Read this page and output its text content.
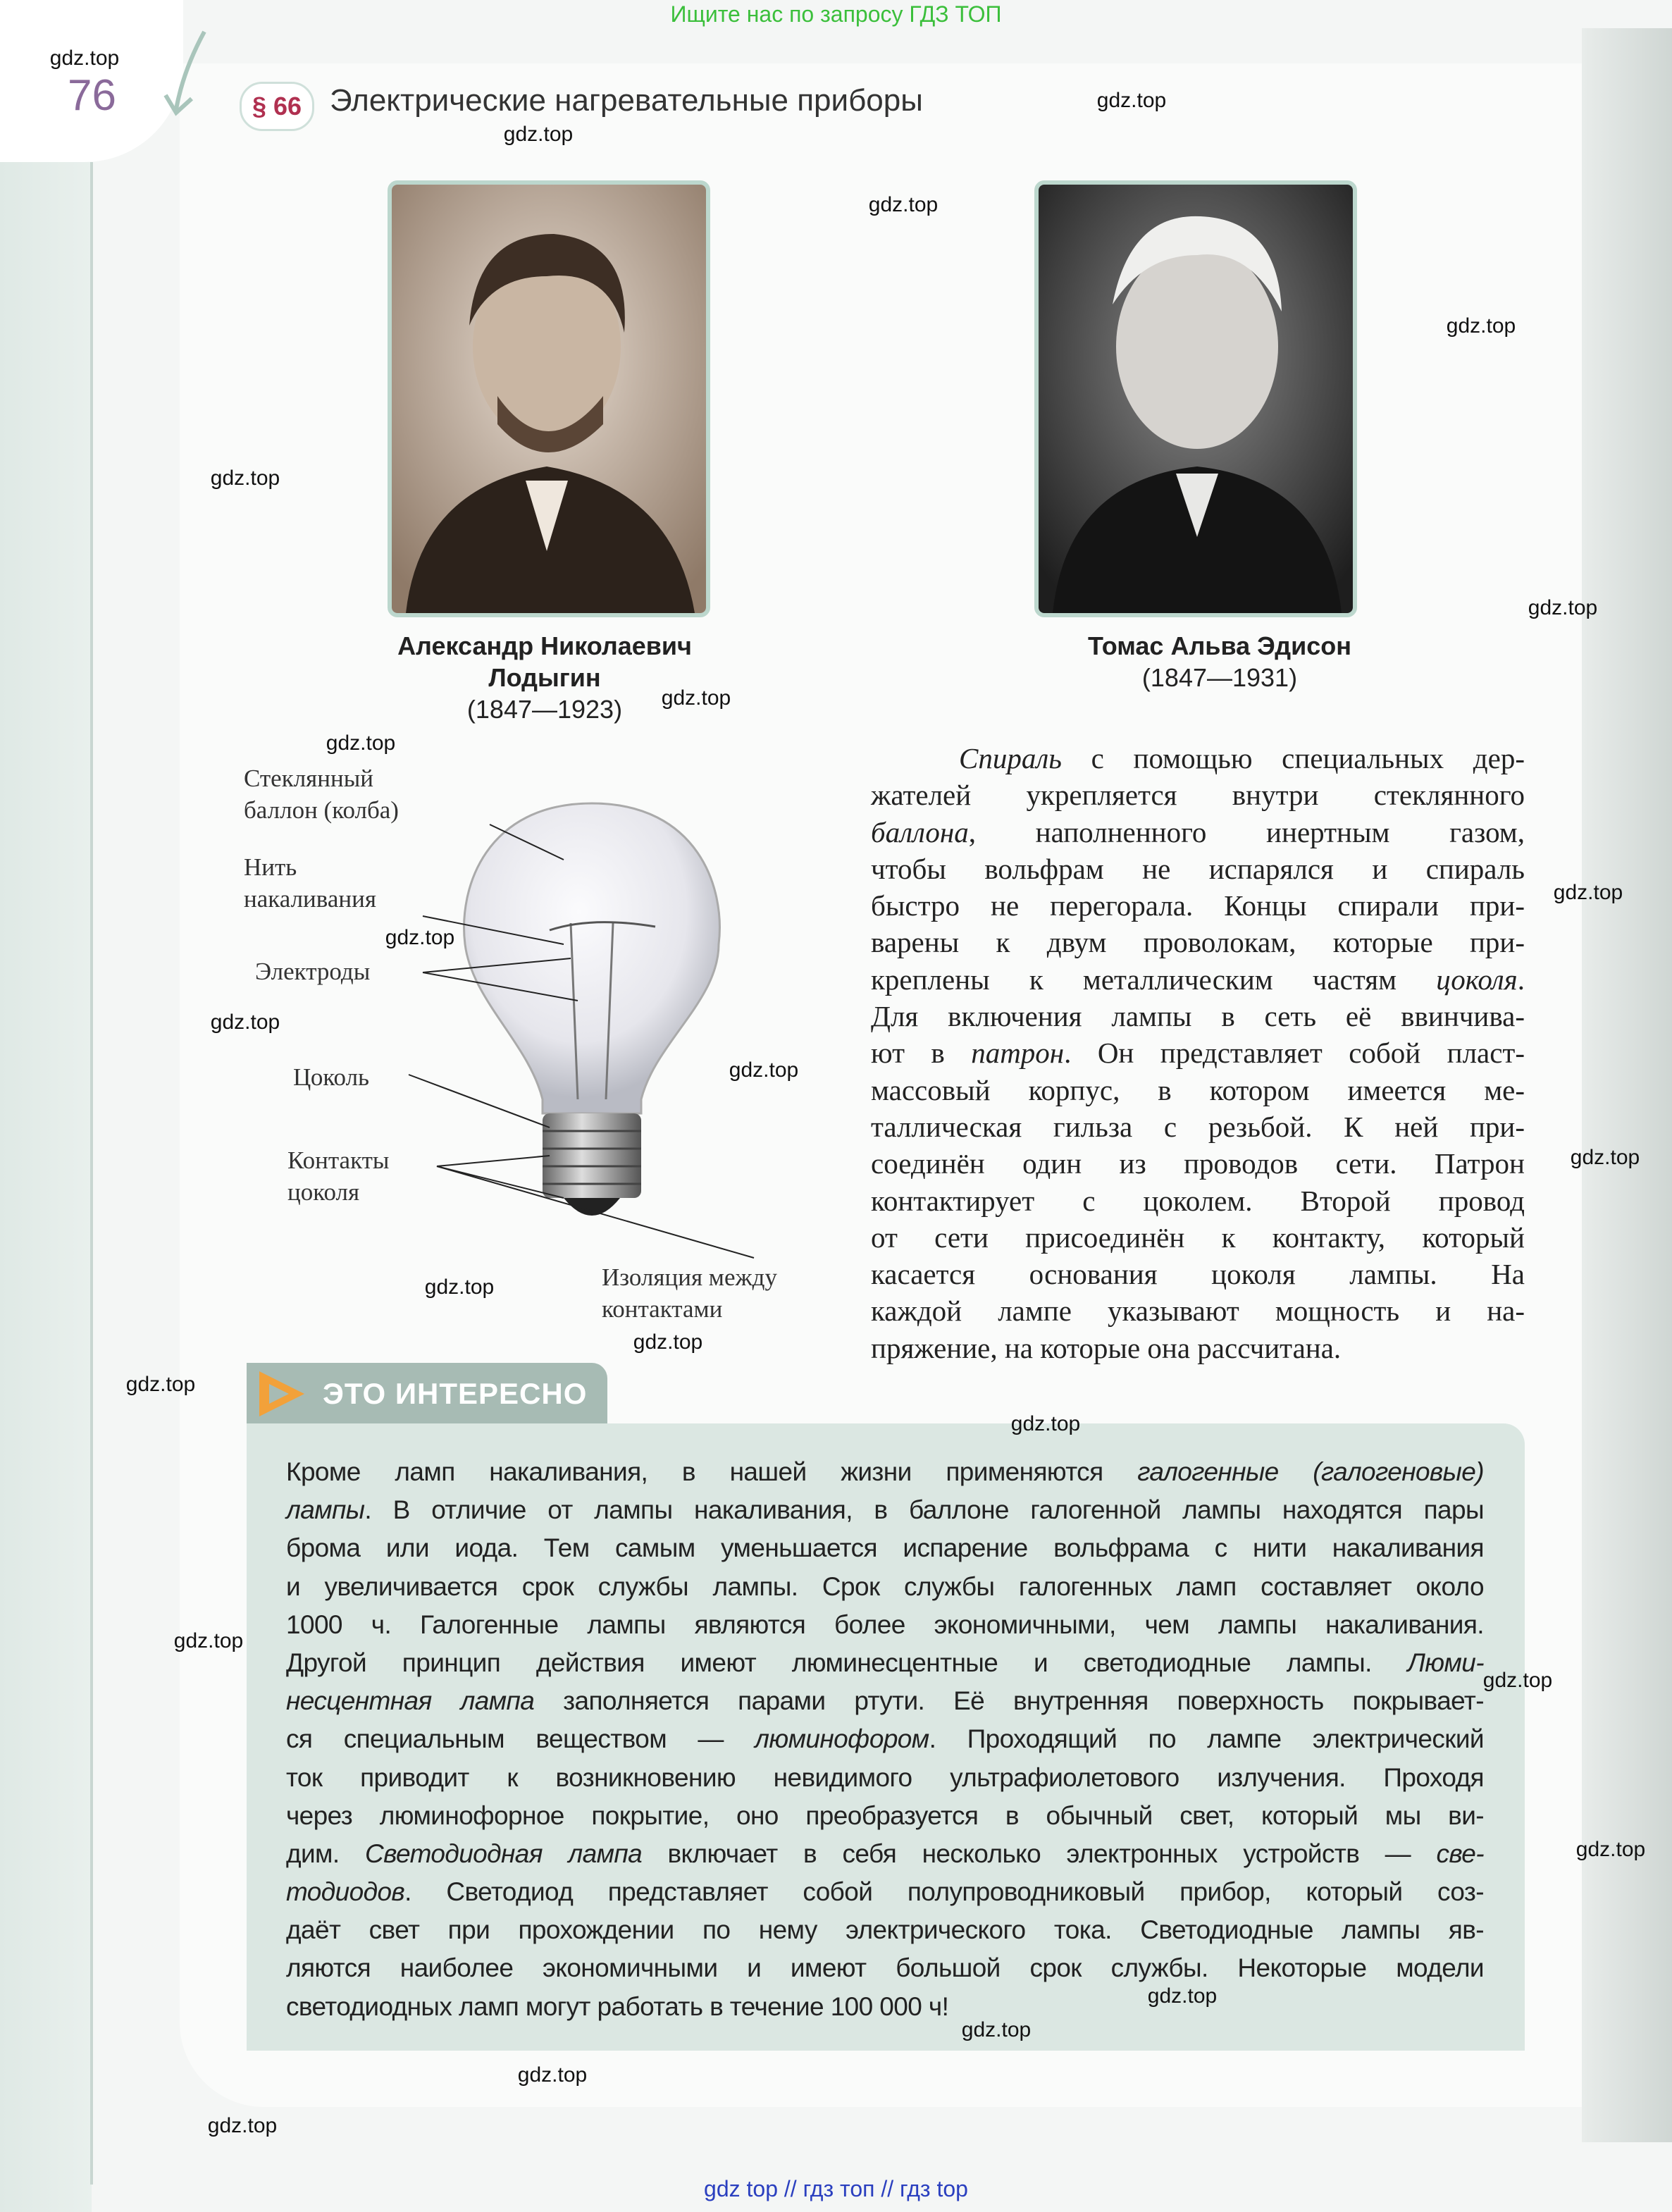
Ищите нас по запросу ГДЗ ТОП
76	§ 66 Электрические нагревательные приборы
Александр Николаевич
Лодыгин
(1847—1923)
Томас Альва Эдисон
(1847—1931)
Стеклянный
баллон (колба)
Нить
накаливания
Электроды
Цоколь
Контакты
цоколя
Изоляция между
контактами
Спираль с помощью специальных дер-
жателей укрепляется внутри стеклянного
баллона, наполненного инертным газом,
чтобы вольфрам не испарялся и спираль
быстро не перегорала. Концы спирали при-
варены к двум проволокам, которые при-
креплены к металлическим частям цоколя.
Для включения лампы в сеть её ввинчива-
ют в патрон. Он представляет собой пласт-
массовый корпус, в котором имеется ме-
таллическая гильза с резьбой. К ней при-
соединён один из проводов сети. Патрон
контактирует с цоколем. Второй провод
от сети присоединён к контакту, который
касается основания цоколя лампы. На
каждой лампе указывают мощность и на-
пряжение, на которые она рассчитана.
ЭТО ИНТЕРЕСНО
Кроме ламп накаливания, в нашей жизни применяются галогенные (галогеновые)
лампы. В отличие от лампы накаливания, в баллоне галогенной лампы находятся пары
брома или иода. Тем самым уменьшается испарение вольфрама с нити накаливания
и увеличивается срок службы лампы. Срок службы галогенных ламп составляет около
1000 ч. Галогенные лампы являются более экономичными, чем лампы накаливания.
Другой принцип действия имеют люминесцентные и светодиодные лампы. Люми-
несцентная лампа заполняется парами ртути. Её внутренняя поверхность покрывает-
ся специальным веществом — люминофором. Проходящий по лампе электрический
ток приводит к возникновению невидимого ультрафиолетового излучения. Проходя
через люминофорное покрытие, оно преобразуется в обычный свет, который мы ви-
дим. Светодиодная лампа включает в себя несколько электронных устройств — све-
тодиодов. Светодиод представляет собой полупроводниковый прибор, который соз-
даёт свет при прохождении по нему электрического тока. Светодиодные лампы яв-
ляются наиболее экономичными и имеют большой срок службы. Некоторые модели
светодиодных ламп могут работать в течение 100 000 ч!
gdz.top
gdz.top
gdz.top
gdz.top
gdz.top
gdz.top
gdz.top
gdz.top
gdz.top
gdz.top
gdz.top
gdz.top
gdz.top
gdz.top
gdz.top
gdz.top
gdz.top
gdz.top
gdz.top
gdz.top
gdz.top
gdz.top
gdz.top
gdz.top
gdz.top
gdz top // гдз топ // гдз top
